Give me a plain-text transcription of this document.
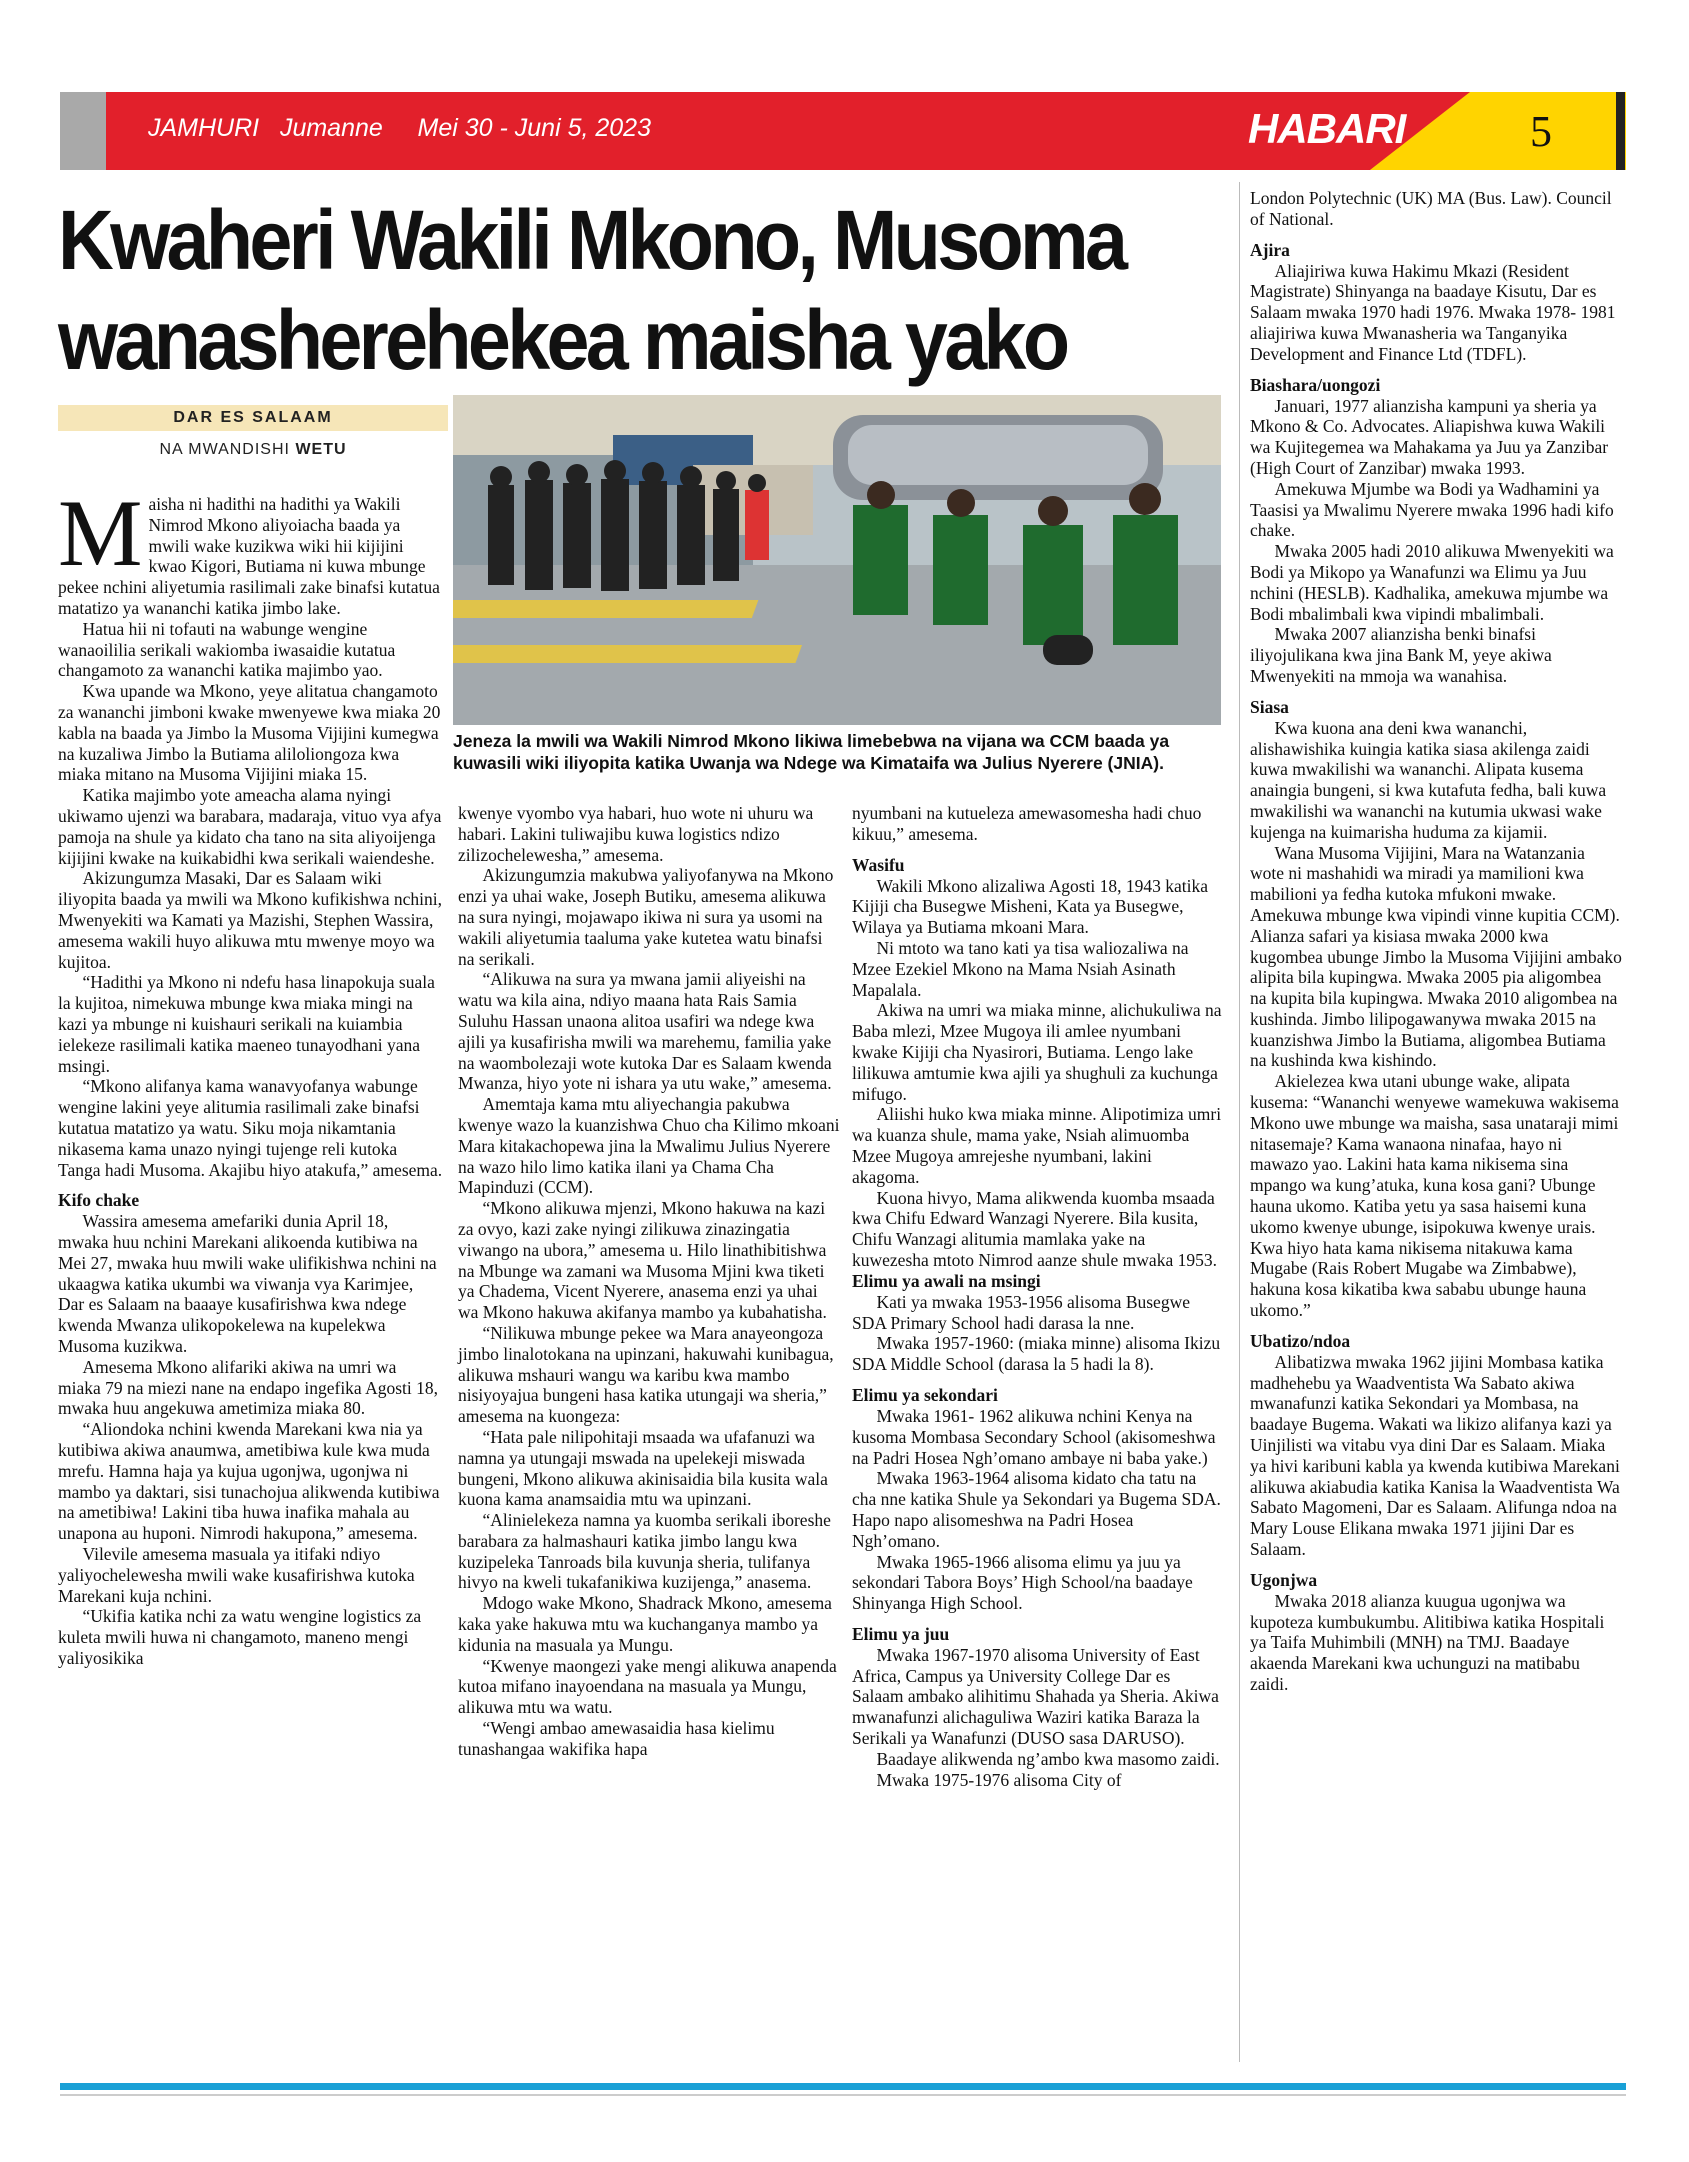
JAMHURI   Jumanne     Mei 30 - Juni 5, 2023	HABARI	5
Kwaheri Wakili Mkono, Musoma
wanasherehekea maisha yako
DAR ES SALAAM
NA MWANDISHI WETU
Jeneza la mwili wa Wakili Nimrod Mkono likiwa limebebwa na vijana wa CCM baada ya kuwasili wiki iliyopita katika Uwanja wa Ndege wa Kimataifa wa Julius Nyerere (JNIA).
M aisha ni hadithi na hadithi ya Wakili Nimrod Mkono aliyoiacha baada ya mwili wake kuzikwa wiki hii kijijini kwao Kigori, Butiama ni kuwa mbunge pekee nchini aliyetumia rasilimali zake binafsi kutatua matatizo ya wananchi katika jimbo lake.

Hatua hii ni tofauti na wabunge wengine wanaoililia serikali wakiomba iwasaidie kutatua changamoto za wananchi katika majimbo yao.

Kwa upande wa Mkono, yeye alitatua changamoto za wananchi jimboni kwake mwenyewe kwa miaka 20 kabla na baada ya Jimbo la Musoma Vijijini kumegwa na kuzaliwa Jimbo la Butiama aliloliongoza kwa miaka mitano na Musoma Vijijini miaka 15.

Katika majimbo yote ameacha alama nyingi ukiwamo ujenzi wa barabara, madaraja, vituo vya afya pamoja na shule ya kidato cha tano na sita aliyoijenga kijijini kwake na kuikabidhi kwa serikali waiendeshe.

Akizungumza Masaki, Dar es Salaam wiki iliyopita baada ya mwili wa Mkono kufikishwa nchini, Mwenyekiti wa Kamati ya Mazishi, Stephen Wassira, amesema wakili huyo alikuwa mtu mwenye moyo wa kujitoa.

“Hadithi ya Mkono ni ndefu hasa linapokuja suala la kujitoa, nimekuwa mbunge kwa miaka mingi na kazi ya mbunge ni kuishauri serikali na kuiambia ielekeze rasilimali katika maeneo tunayodhani yana msingi.

“Mkono alifanya kama wanavyofanya wabunge wengine lakini yeye alitumia rasilimali zake binafsi kutatua matatizo ya watu. Siku moja nikamtania nikasema kama unazo nyingi tujenge reli kutoka Tanga hadi Musoma. Akajibu hiyo atakufa,” amesema.

Kifo chake

Wassira amesema amefariki dunia April 18, mwaka huu nchini Marekani alikoenda kutibiwa na Mei 27, mwaka huu mwili wake ulifikishwa nchini na ukaagwa katika ukumbi wa viwanja vya Karimjee, Dar es Salaam na baaaye kusafirishwa kwa ndege kwenda Mwanza ulikopokelewa na kupelekwa Musoma kuzikwa.

Amesema Mkono alifariki akiwa na umri wa miaka 79 na miezi nane na endapo ingefika Agosti 18, mwaka huu angekuwa ametimiza miaka 80.

“Aliondoka nchini kwenda Marekani kwa nia ya kutibiwa akiwa anaumwa, ametibiwa kule kwa muda mrefu. Hamna haja ya kujua ugonjwa, ugonjwa ni mambo ya daktari, sisi tunachojua alikwenda kutibiwa na ametibiwa! Lakini tiba huwa inafika mahala au unapona au huponi. Nimrodi hakupona,” amesema.

Vilevile amesema masuala ya itifaki ndiyo yaliyochelewesha mwili wake kusafirishwa kutoka Marekani kuja nchini.

“Ukifia katika nchi za watu wengine logistics za kuleta mwili huwa ni changamoto, maneno mengi yaliyosikika

kwenye vyombo vya habari, huo wote ni uhuru wa habari. Lakini tuliwajibu kuwa logistics ndizo zilizochelewesha,” amesema.

Akizungumzia makubwa yaliyofanywa na Mkono enzi ya uhai wake, Joseph Butiku, amesema alikuwa na sura nyingi, mojawapo ikiwa ni sura ya usomi na wakili aliyetumia taaluma yake kutetea watu binafsi na serikali.

“Alikuwa na sura ya mwana jamii aliyeishi na watu wa kila aina, ndiyo maana hata Rais Samia Suluhu Hassan unaona alitoa usafiri wa ndege kwa ajili ya kusafirisha mwili wa marehemu, familia yake na waombolezaji wote kutoka Dar es Salaam kwenda Mwanza, hiyo yote ni ishara ya utu wake,” amesema.

Amemtaja kama mtu aliyechangia pakubwa kwenye wazo la kuanzishwa Chuo cha Kilimo mkoani Mara kitakachopewa jina la Mwalimu Julius Nyerere na wazo hilo limo katika ilani ya Chama Cha Mapinduzi (CCM).

“Mkono alikuwa mjenzi, Mkono hakuwa na kazi za ovyo, kazi zake nyingi zilikuwa zinazingatia viwango na ubora,” amesema u. Hilo linathibitishwa na Mbunge wa zamani wa Musoma Mjini kwa tiketi ya Chadema, Vicent Nyerere, anasema enzi ya uhai wa Mkono hakuwa akifanya mambo ya kubahatisha.

“Nilikuwa mbunge pekee wa Mara anayeongoza jimbo linalotokana na upinzani, hakuwahi kunibagua, alikuwa mshauri wangu wa karibu kwa mambo nisiyoyajua bungeni hasa katika utungaji wa sheria,” amesema na kuongeza:

“Hata pale nilipohitaji msaada wa ufafanuzi wa namna ya utungaji mswada na upelekeji miswada bungeni, Mkono alikuwa akinisaidia bila kusita wala kuona kama anamsaidia mtu wa upinzani.

“Alinielekeza namna ya kuomba serikali iboreshe barabara za halmashauri katika jimbo langu kwa kuzipeleka Tanroads bila kuvunja sheria, tulifanya hivyo na kweli tukafanikiwa kuzijenga,” anasema.

Mdogo wake Mkono, Shadrack Mkono, amesema kaka yake hakuwa mtu wa kuchanganya mambo ya kidunia na masuala ya Mungu.

“Kwenye maongezi yake mengi alikuwa anapenda kutoa mifano inayoendana na masuala ya Mungu, alikuwa mtu wa watu.

“Wengi ambao amewasaidia hasa kielimu tunashangaa wakifika hapa

nyumbani na kutueleza amewasomesha hadi chuo kikuu,” amesema.

Wasifu

Wakili Mkono alizaliwa Agosti 18, 1943 katika Kijiji cha Busegwe Misheni, Kata ya Busegwe, Wilaya ya Butiama mkoani Mara.

Ni mtoto wa tano kati ya tisa waliozaliwa na Mzee Ezekiel Mkono na Mama Nsiah Asinath Mapalala.

Akiwa na umri wa miaka minne, alichukuliwa na Baba mlezi, Mzee Mugoya ili amlee nyumbani kwake Kijiji cha Nyasirori, Butiama. Lengo lake lilikuwa amtumie kwa ajili ya shughuli za kuchunga mifugo.

Aliishi huko kwa miaka minne. Alipotimiza umri wa kuanza shule, mama yake, Nsiah alimuomba Mzee Mugoya amrejeshe nyumbani, lakini akagoma.

Kuona hivyo, Mama alikwenda kuomba msaada kwa Chifu Edward Wanzagi Nyerere. Bila kusita, Chifu Wanzagi alitumia mamlaka yake na kuwezesha mtoto Nimrod aanze shule mwaka 1953.

Elimu ya awali na msingi

Kati ya mwaka 1953-1956 alisoma Busegwe SDA Primary School hadi darasa la nne.

Mwaka 1957-1960: (miaka minne) alisoma Ikizu SDA Middle School (darasa la 5 hadi la 8).

Elimu ya sekondari

Mwaka 1961- 1962 alikuwa nchini Kenya na kusoma Mombasa Secondary School (akisomeshwa na Padri Hosea Ngh’omano ambaye ni baba yake.)

Mwaka 1963-1964 alisoma kidato cha tatu na cha nne katika Shule ya Sekondari ya Bugema SDA. Hapo napo alisomeshwa na Padri Hosea Ngh’omano.

Mwaka 1965-1966 alisoma elimu ya juu ya sekondari Tabora Boys’ High School/na baadaye Shinyanga High School.

Elimu ya juu

Mwaka 1967-1970 alisoma University of East Africa, Campus ya University College Dar es Salaam ambako alihitimu Shahada ya Sheria. Akiwa mwanafunzi alichaguliwa Waziri katika Baraza la Serikali ya Wanafunzi (DUSO sasa DARUSO).

Baadaye alikwenda ng’ambo kwa masomo zaidi.

Mwaka 1975-1976 alisoma City of

London Polytechnic (UK) MA (Bus. Law). Council of National.

Ajira

Aliajiriwa kuwa Hakimu Mkazi (Resident Magistrate) Shinyanga na baadaye Kisutu, Dar es Salaam mwaka 1970 hadi 1976. Mwaka 1978- 1981 aliajiriwa kuwa Mwanasheria wa Tanganyika Development and Finance Ltd (TDFL).

Biashara/uongozi

Januari, 1977 alianzisha kampuni ya sheria ya Mkono & Co. Advocates. Aliapishwa kuwa Wakili wa Kujitegemea wa Mahakama ya Juu ya Zanzibar (High Court of Zanzibar) mwaka 1993.

Amekuwa Mjumbe wa Bodi ya Wadhamini ya Taasisi ya Mwalimu Nyerere mwaka 1996 hadi kifo chake.

Mwaka 2005 hadi 2010 alikuwa Mwenyekiti wa Bodi ya Mikopo ya Wanafunzi wa Elimu ya Juu nchini (HESLB). Kadhalika, amekuwa mjumbe wa Bodi mbalimbali kwa vipindi mbalimbali.

Mwaka 2007 alianzisha benki binafsi iliyojulikana kwa jina Bank M, yeye akiwa Mwenyekiti na mmoja wa wanahisa.

Siasa

Kwa kuona ana deni kwa wananchi, alishawishika kuingia katika siasa akilenga zaidi kuwa mwakilishi wa wananchi. Alipata kusema anaingia bungeni, si kwa kutafuta fedha, bali kuwa mwakilishi wa wananchi na kutumia ukwasi wake kujenga na kuimarisha huduma za kijamii.

Wana Musoma Vijijini, Mara na Watanzania wote ni mashahidi wa miradi ya mamilioni kwa mabilioni ya fedha kutoka mfukoni mwake. Amekuwa mbunge kwa vipindi vinne kupitia CCM). Alianza safari ya kisiasa mwaka 2000 kwa kugombea ubunge Jimbo la Musoma Vijijini ambako alipita bila kupingwa. Mwaka 2005 pia aligombea na kupita bila kupingwa. Mwaka 2010 aligombea na kushinda. Jimbo lilipogawanywa mwaka 2015 na kuanzishwa Jimbo la Butiama, aligombea Butiama na kushinda kwa kishindo.

Akielezea kwa utani ubunge wake, alipata kusema: “Wananchi wenyewe wamekuwa wakisema Mkono uwe mbunge wa maisha, sasa unataraji mimi nitasemaje? Kama wanaona ninafaa, hayo ni mawazo yao. Lakini hata kama nikisema sina mpango wa kung’atuka, kuna kosa gani? Ubunge hauna ukomo. Katiba yetu ya sasa haisemi kuna ukomo kwenye ubunge, isipokuwa kwenye urais. Kwa hiyo hata kama nikisema nitakuwa kama Mugabe (Rais Robert Mugabe wa Zimbabwe), hakuna kosa kikatiba kwa sababu ubunge hauna ukomo.”

Ubatizo/ndoa

Alibatizwa mwaka 1962 jijini Mombasa katika madhehebu ya Waadventista Wa Sabato akiwa mwanafunzi katika Sekondari ya Mombasa, na baadaye Bugema. Wakati wa likizo alifanya kazi ya Uinjilisti wa vitabu vya dini Dar es Salaam. Miaka ya hivi karibuni kabla ya kwenda kutibiwa Marekani alikuwa akiabudia katika Kanisa la Waadventista Wa Sabato Magomeni, Dar es Salaam. Alifunga ndoa na Mary Louse Elikana mwaka 1971 jijini Dar es Salaam.

Ugonjwa

Mwaka 2018 alianza kuugua ugonjwa wa kupoteza kumbukumbu. Alitibiwa katika Hospitali ya Taifa Muhimbili (MNH) na TMJ. Baadaye akaenda Marekani kwa uchunguzi na matibabu zaidi.
